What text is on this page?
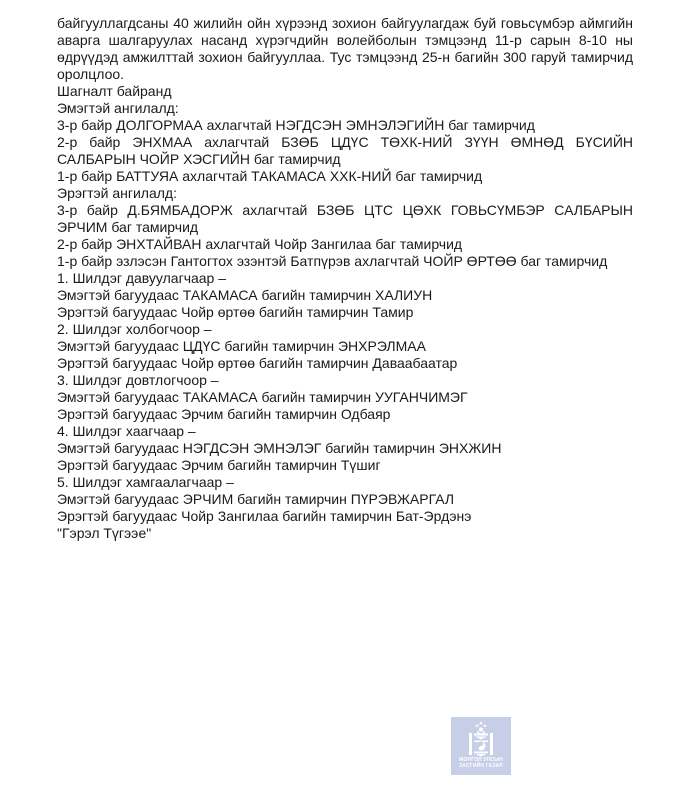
байгууллагдсаны 40 жилийн ойн хүрээнд зохион байгуулагдаж буй говьсүмбэр аймгийн аварга шалгаруулах насанд хүрэгчдийн волейболын тэмцээнд 11-р сарын 8-10 ны өдрүүдэд амжилттай зохион байгууллаа. Тус тэмцээнд 25-н багийн 300 гаруй тамирчид оролцлоо.

Шагналт байранд

Эмэгтэй ангилалд:

3-р байр ДОЛГОРМАА ахлагчтай НЭГДСЭН ЭМНЭЛЭГИЙН баг тамирчид

2-р байр ЭНХМАА ахлагчтай БЗӨБ ЦДҮС ТӨХК-НИЙ ЗҮҮН ӨМНӨД БҮСИЙН САЛБАРЫН ЧОЙР ХЭСГИЙН баг тамирчид

1-р байр БАТТУЯА ахлагчтай ТАКАМАСА ХХК-НИЙ баг тамирчид

Эрэгтэй ангилалд:

3-р байр Д.БЯМБАДОРЖ ахлагчтай БЗӨБ ЦТС ЦӨХК ГОВЬСҮМБЭР САЛБАРЫН ЭРЧИМ баг тамирчид

2-р байр ЭНХТАЙВАН ахлагчтай Чойр Зангилаа баг тамирчид

1-р байр эзлэсэн Гантогтох эзэнтэй Батпүрэв ахлагчтай ЧОЙР ӨРТӨӨ баг тамирчид

1. Шилдэг давуулагчаар –

Эмэгтэй багуудаас ТАКАМАСА багийн тамирчин ХАЛИУН

Эрэгтэй багуудаас Чойр өртөө багийн тамирчин Тамир

2. Шилдэг холбогчоор –

Эмэгтэй багуудаас ЦДҮС багийн тамирчин ЭНХРЭЛМАА

Эрэгтэй багуудаас Чойр өртөө багийн тамирчин Даваабаатар

3. Шилдэг довтлогчоор –

Эмэгтэй багуудаас ТАКАМАСА багийн тамирчин УУГАНЧИМЭГ

Эрэгтэй багуудаас Эрчим багийн тамирчин Одбаяр

4. Шилдэг хаагчаар –

Эмэгтэй багуудаас НЭГДСЭН ЭМНЭЛЭГ багийн тамирчин ЭНХЖИН

Эрэгтэй багуудаас Эрчим багийн тамирчин Түшиг

5. Шилдэг хамгаалагчаар –

Эмэгтэй багуудаас ЭРЧИМ багийн тамирчин ПҮРЭВЖАРГАЛ

Эрэгтэй багуудаас Чойр Зангилаа багийн тамирчин Бат-Эрдэнэ

"Гэрэл Түгээе"

МОНГОЛ УЛСЫН
ЗАСГИЙН ГАЗАР
